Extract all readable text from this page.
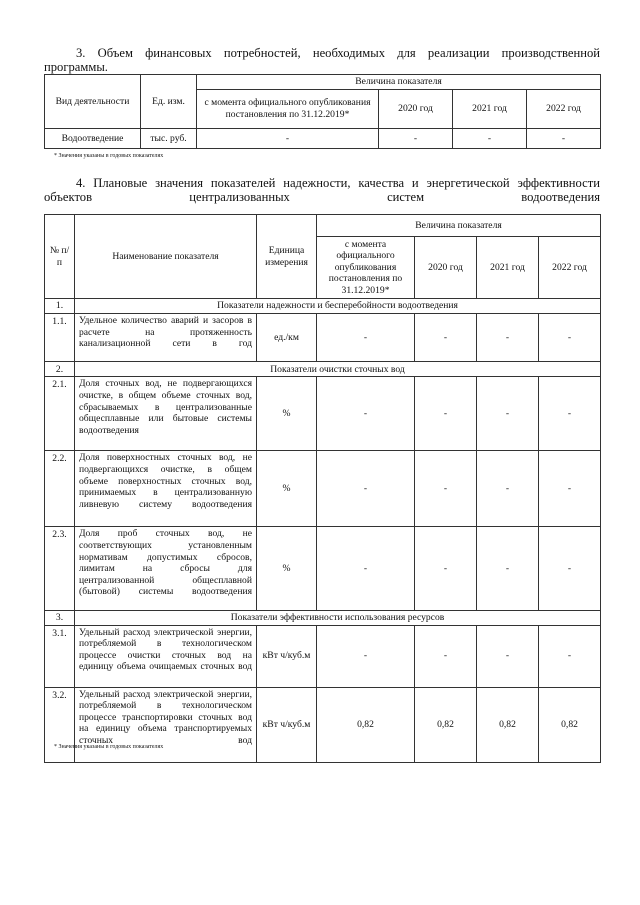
3. Объем финансовых потребностей, необходимых для реализации производственной программы.
Вид деятельности	Ед. изм.	Величина показателя			
		с момента официального опубликования постановления по 31.12.2019*	2020 год	2021 год	2022 год
Водоотведение	тыс. руб.	-	-	-	-
* Значения указаны в годовых показателях
4. Плановые значения показателей надежности, качества и энергетической эффективности объектов централизованных систем водоотведения
№ п/п	Наименование показателя	Единица измерения	Величина показателя			
			с момента официального опубликования постановления по 31.12.2019*	2020 год	2021 год	2022 год
1.	Показатели надежности и бесперебойности водоотведения					
1.1.	Удельное количество аварий и засоров в расчете на протяженность канализационной сети в год	ед./км	-	-	-	-
2.	Показатели очистки сточных вод					
2.1.	Доля сточных вод, не подвергающихся очистке, в общем объеме сточных вод, сбрасываемых в централизованные общесплавные или бытовые системы водоотведения	%	-	-	-	-
2.2.	Доля поверхностных сточных вод, не подвергающихся очистке, в общем объеме поверхностных сточных вод, принимаемых в централизованную ливневую систему водоотведения	%	-	-	-	-
2.3.	Доля проб сточных вод, не соответствующих установленным нормативам допустимых сбросов, лимитам на сбросы для централизованной общесплавной (бытовой) системы водоотведения	%	-	-	-	-
3.	Показатели эффективности использования ресурсов					
3.1.	Удельный расход электрической энергии, потребляемой в технологическом процессе очистки сточных вод на единицу объема очищаемых сточных вод	кВт ч/куб.м	-	-	-	-
3.2.	Удельный расход электрической энергии, потребляемой в технологическом процессе транспортировки сточных вод на единицу объема транспортируемых сточных вод	кВт ч/куб.м	0,82	0,82	0,82	0,82
* Значения указаны в годовых показателях
